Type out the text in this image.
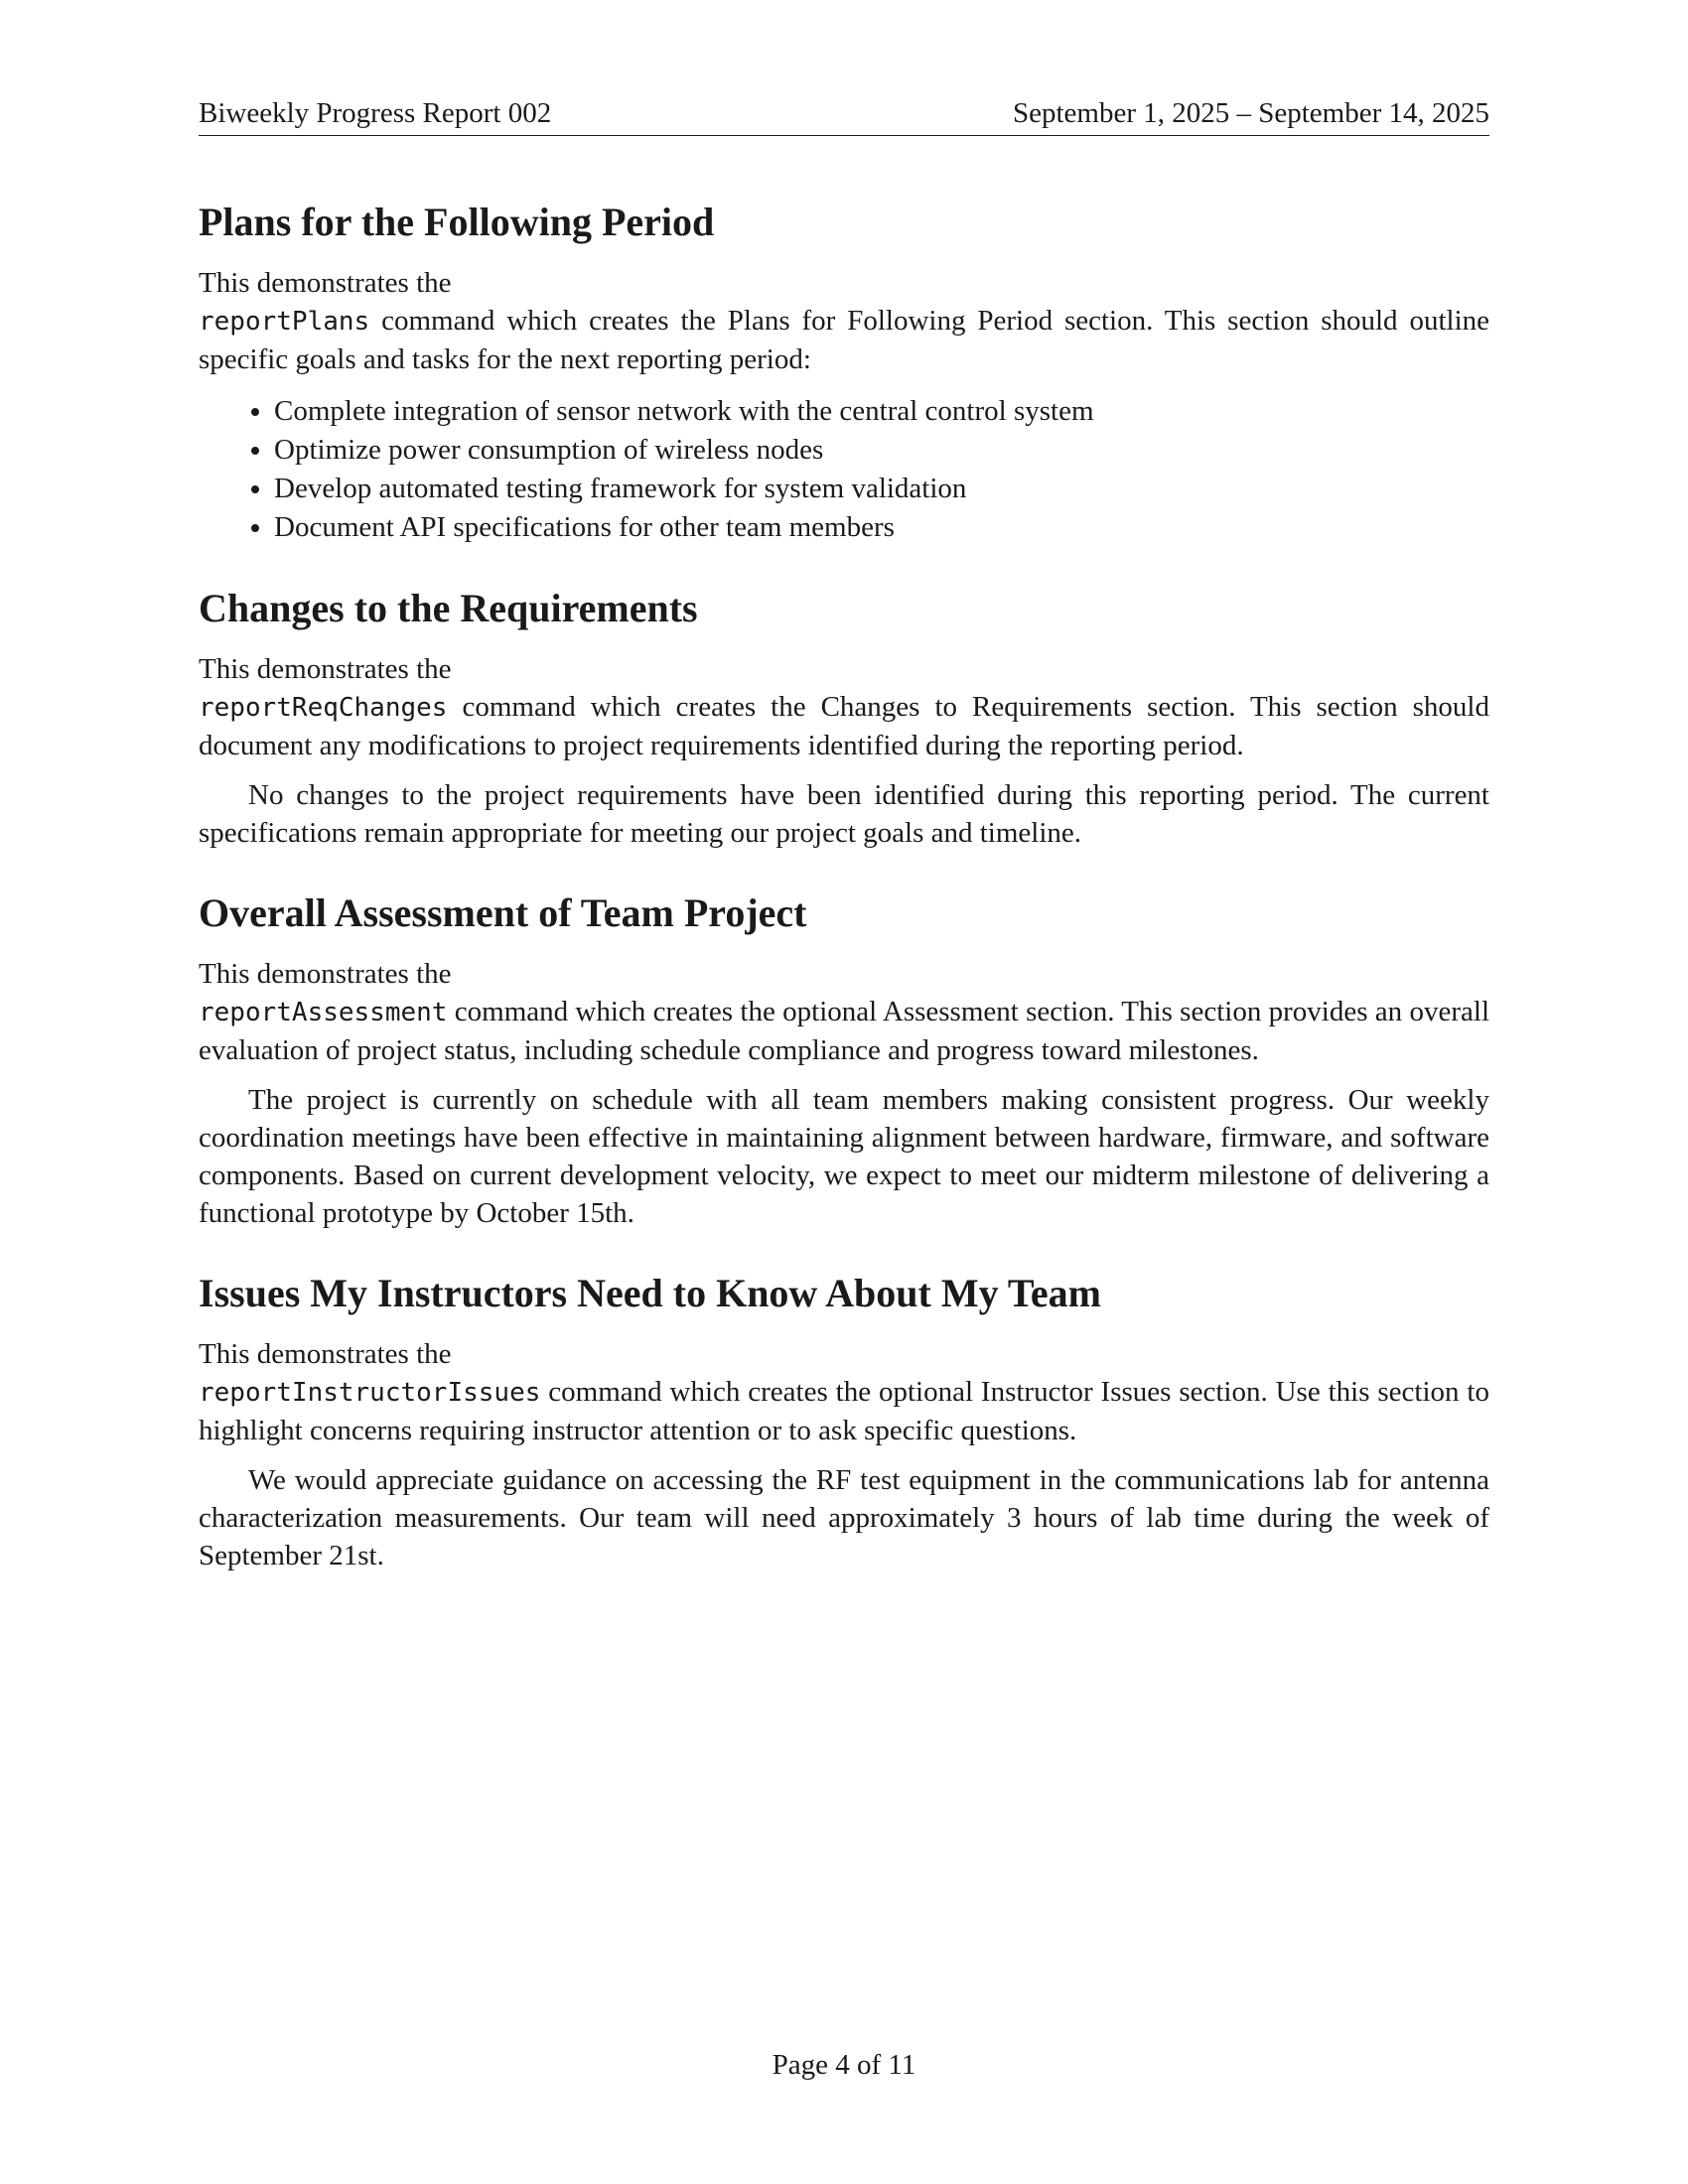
Biweekly Progress Report 002	September 1, 2025 – September 14, 2025
Plans for the Following Period

This demonstrates the

reportPlans command which creates the Plans for Following Period section. This section should outline specific goals and tasks for the next reporting period:

• Complete integration of sensor network with the central control system
• Optimize power consumption of wireless nodes
• Develop automated testing framework for system validation
• Document API specifications for other team members
Changes to the Requirements

This demonstrates the

reportReqChanges command which creates the Changes to Requirements section. This section should document any modifications to project requirements identified during the reporting period.

No changes to the project requirements have been identified during this reporting period. The current specifications remain appropriate for meeting our project goals and timeline.

Overall Assessment of Team Project

This demonstrates the

reportAssessment command which creates the optional Assessment section. This section provides an overall evaluation of project status, including schedule compliance and progress toward milestones.

The project is currently on schedule with all team members making consistent progress. Our weekly coordination meetings have been effective in maintaining alignment between hardware, firmware, and software components. Based on current development velocity, we expect to meet our midterm milestone of delivering a functional prototype by October 15th.

Issues My Instructors Need to Know About My Team

This demonstrates the

reportInstructorIssues command which creates the optional Instructor Issues section. Use this section to highlight concerns requiring instructor attention or to ask specific questions.

We would appreciate guidance on accessing the RF test equipment in the communications lab for antenna characterization measurements. Our team will need approximately 3 hours of lab time during the week of September 21st.

Page 4 of 11
